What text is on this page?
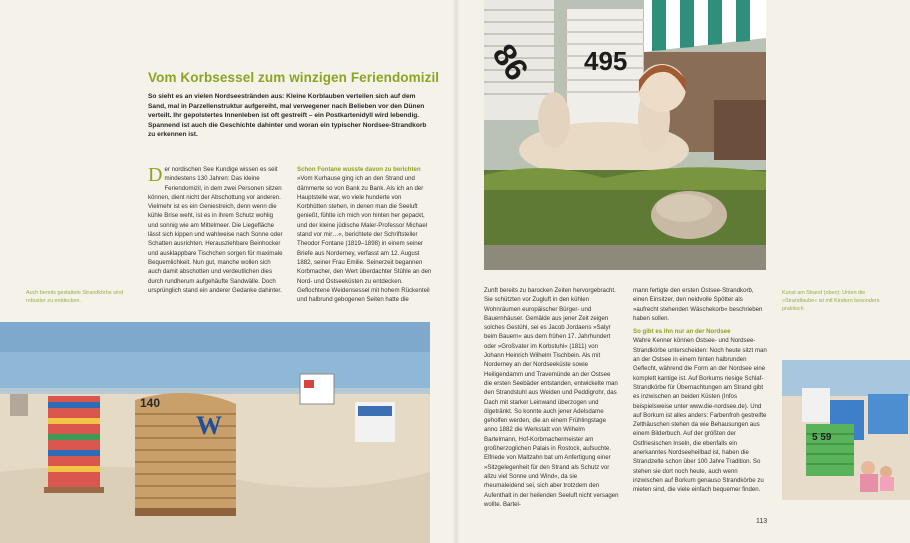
86 495
Vom Korbsessel zum winzigen Feriendomizil

So sieht es an vielen Nordseestränden aus: Kleine Korblauben verteilen sich auf dem Sand, mal in Parzellenstruktur aufgereiht, mal verwegener nach Belieben vor den Dünen verteilt. Ihr gepolstertes Innenleben ist oft gestreift – ein Postkartenidyll wird lebendig. Spannend ist auch die Geschichte dahinter und woran ein typischer Nordsee-Strandkorb zu erkennen ist.

Der nordischen See Kundige wissen es seit mindestens 130 Jahren: Das kleine Feriendomizil, in dem zwei Personen sitzen können, dient nicht der Abschottung vor anderen. Vielmehr ist es ein Geniestreich, denn wenn die kühle Brise weht, ist es in ihrem Schutz wohlig und sonnig wie am Mittelmeer. Die Liegefläche lässt sich kippen und wahlweise nach Sonne oder Schatten ausrichten. Herausziehbare Beinhocker und ausklappbare Tischchen sorgen für maximale Bequemlichkeit. Nun gut, manche wollen sich auch damit abschotten und verdeutlichen dies durch rundherum aufgehäufte Sandwälle. Doch ursprünglich stand ein anderer Gedanke dahinter.
Schon Fontane wusste davon zu berichten
»Vom Kurhause ging ich an den Strand und dämmerte so von Bank zu Bank. Als ich an der Hauptstelle war, wo viele hunderte von Korbhütten stehen, in denen man die Seeluft genießt, fühlte ich mich von hinten her gepackt, und der kleine jüdische Maler-Professor Michael stand vor mir…«, berichtete der Schriftsteller Theodor Fontane (1819–1898) in einem seiner Briefe aus Norderney, verfasst am 12. August 1882, seiner Frau Emilie. Seinerzeit begannen Korbmacher, den Wert überdachter Stühle an den Nord- und Ostseeküsten zu entdecken. Geflochtene Weidensessel mit hohem Rückenteil und halbrund gebogenen Seiten hatte die
Zunft bereits zu barocken Zeiten hervorgebracht. Sie schützten vor Zugluft in den kühlen Wohnräumen europäischer Bürger- und Bauernhäuser. Gemälde aus jener Zeit zeigen solches Gestühl, sei es Jacob Jordaens »Satyr beim Bauern« aus dem frühen 17. Jahrhundert oder »Großvater im Korbstuhl« (1811) von Johann Heinrich Wilhelm Tischbein. Als mit Norderney an der Nordseeküste sowie Heiligendamm und Travemünde an der Ostsee die ersten Seebäder entstanden, entwickelte man den Strandstuhl aus Weiden und Peddigrohr, das Dach mit starker Leinwand überzogen und ölgetränkt. So konnte auch jener Adelsdame geholfen werden, die an einem Frühlingstage anno 1882 die Werkstatt von Wilhelm Bartelmann, Hof-Korbmachermeister am großherzoglichen Palais in Rostock, aufsuchte. Elfriede von Maltzahn bat um Anfertigung einer »Sitzgelegenheit für den Strand als Schutz vor allzu viel Sonne und Wind«, da sie rheumaleidend sei, sich aber trotzdem den Aufenthalt in der heilenden Seeluft nicht versagen wollte. Bartel-
mann fertigte den ersten Ostsee-Strandkorb, einen Einsitzer, den neidvolle Spötter als »aufrecht stehenden Wäschekorb« beschrieben haben sollen.
So gibt es ihn nur an der Nordsee
Wahre Kenner können Ostsee- und Nordsee-Strandkörbe unterscheiden: Noch heute sitzt man an der Ostsee in einem hinten halbrunden Geflecht, während die Form an der Nordsee eine komplett kantige ist. Auf Borkums riesige Schlaf-Strandkörbe für Übernachtungen am Strand gibt es inzwischen an beiden Küsten (Infos beispielsweise unter www.die-nordsee.de). Und auf Borkum ist alles anders: Farbenfroh gestreifte Zelthäuschen stehen da wie Behausungen aus einem Bilderbuch. Auf der größten der Ostfriesischen Inseln, die ebenfalls ein anerkanntes Nordseeheilbad ist, haben die Strandzelte schon über 100 Jahre Tradition. So stehen sie dort noch heute, auch wenn inzwischen auf Borkum genauso Strandkörbe zu mieten sind, die viele einfach bequemer finden.
Auch bereits gestaltete Strandkörbe sind robuster zu entdecken.
Kunst am Strand (oben): Unten die »Strandlaube« ist mit Kindern besonders praktisch
140
W	5 59
113
